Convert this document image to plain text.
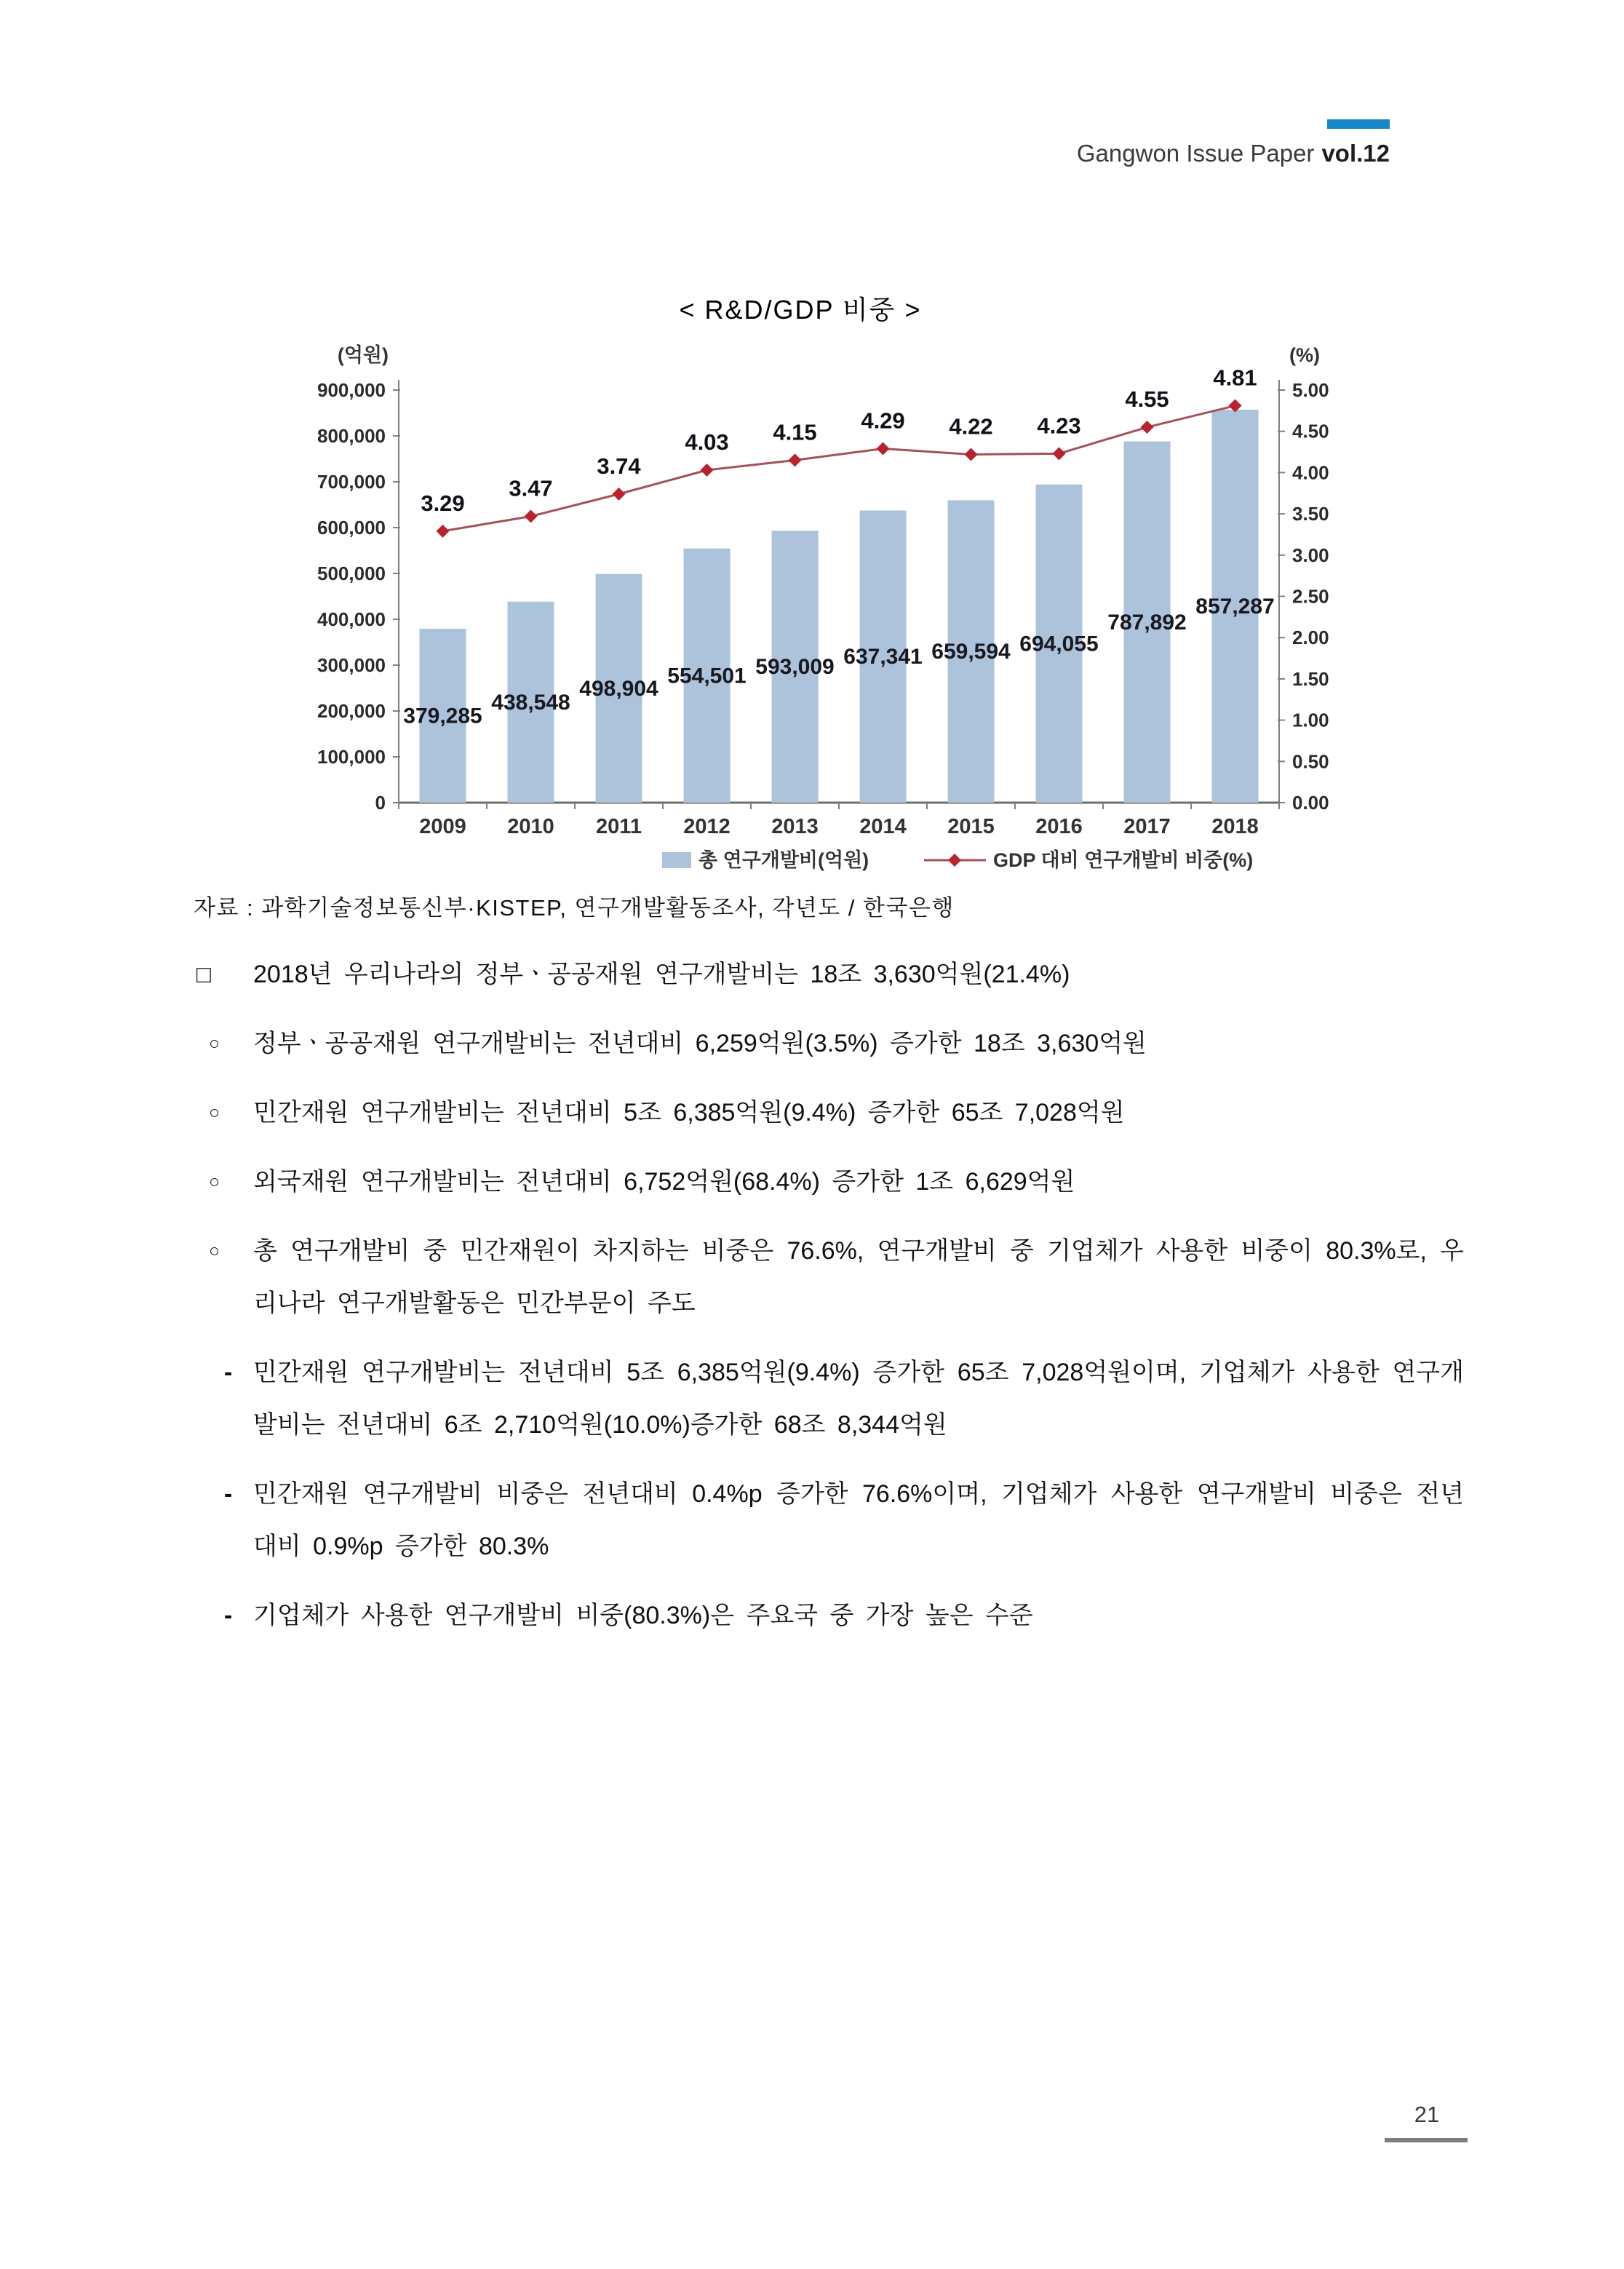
Gangwon Issue Paper vol.12
< R&D/GDP 비중 >
(억원)	(%)
0
100,000
200,000
300,000
400,000
500,000
600,000
700,000
800,000
900,000
0.00
0.50
1.00
1.50
2.00
2.50
3.00
3.50
4.00
4.50
5.00
379,285
438,548
498,904
554,501 593,009 637,341 659,594 694,055
787,892
857,287
3.29
3.47
3.74
4.03 4.15 4.29 4.22 4.23
4.55
4.81
2009 2010 2011 2012 2013 2014 2015 2016 2017 2018
총 연구개발비(억원)	GDP 대비 연구개발비 비중(%)
자료 : 과학기술정보통신부·KISTEP, 연구개발활동조사, 각년도 / 한국은행
□	2018년 우리나라의 정부ㆍ공공재원 연구개발비는 18조 3,630억원(21.4%)
○	정부ㆍ공공재원 연구개발비는 전년대비 6,259억원(3.5%) 증가한 18조 3,630억원
○	민간재원 연구개발비는 전년대비 5조 6,385억원(9.4%) 증가한 65조 7,028억원
○	외국재원 연구개발비는 전년대비 6,752억원(68.4%) 증가한 1조 6,629억원
○	총 연구개발비 중 민간재원이 차지하는 비중은 76.6%, 연구개발비 중 기업체가 사용한 비중이 80.3%로, 우리나라 연구개발활동은 민간부문이 주도
- 민간재원 연구개발비는 전년대비 5조 6,385억원(9.4%) 증가한 65조 7,028억원이며, 기업체가 사용한 연구개발비는 전년대비 6조 2,710억원(10.0%)증가한 68조 8,344억원
- 민간재원 연구개발비 비중은 전년대비 0.4%p 증가한 76.6%이며, 기업체가 사용한 연구개발비 비중은 전년대비 0.9%p 증가한 80.3%
- 기업체가 사용한 연구개발비 비중(80.3%)은 주요국 중 가장 높은 수준
21
